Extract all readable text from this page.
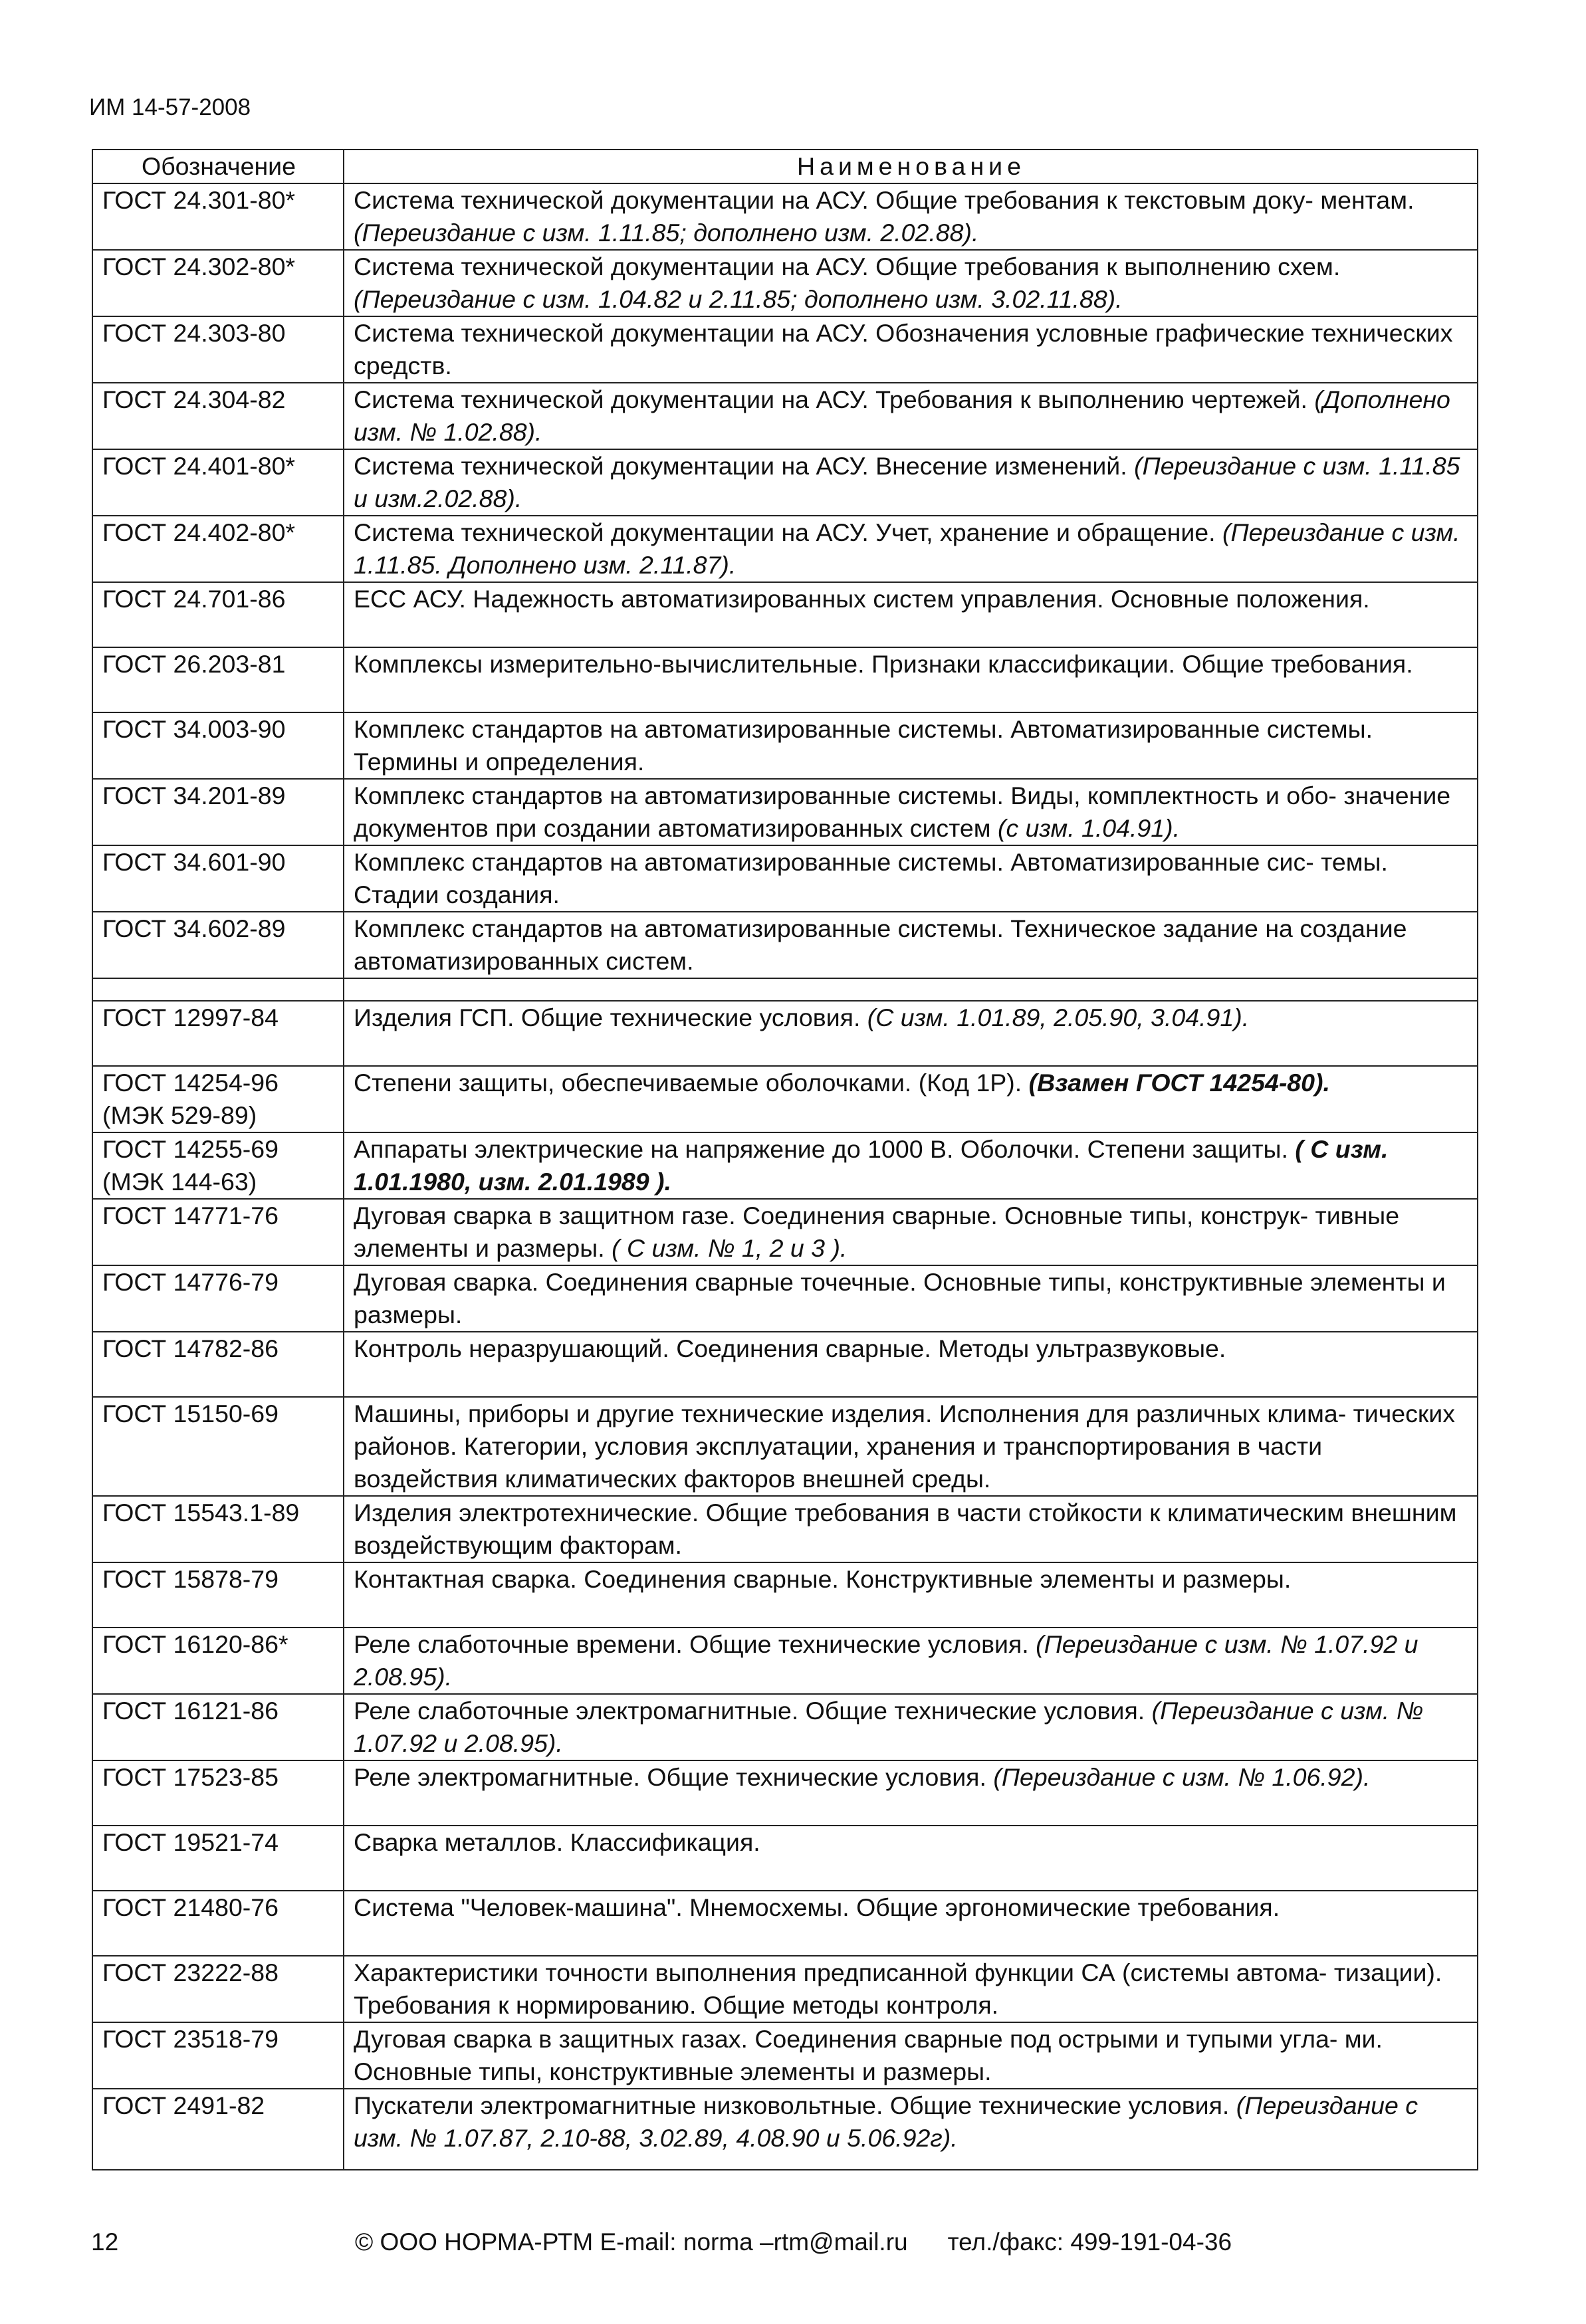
ИМ 14-57-2008
Обозначение	Наименование
ГОСТ 24.301-80*	Система технической документации на АСУ. Общие требования к текстовым доку- ментам. (Переиздание с изм. 1.11.85; дополнено изм. 2.02.88).
ГОСТ 24.302-80*	Система технической документации на АСУ. Общие требования к выполнению схем. (Переиздание с изм. 1.04.82 и 2.11.85; дополнено изм. 3.02.11.88).
ГОСТ 24.303-80	Система технической документации на АСУ. Обозначения условные графические технических средств.
ГОСТ 24.304-82	Система технической документации на АСУ. Требования к выполнению чертежей. (Дополнено изм. № 1.02.88).
ГОСТ 24.401-80*	Система технической документации на АСУ. Внесение изменений. (Переиздание с изм. 1.11.85 и изм.2.02.88).
ГОСТ 24.402-80*	Система технической документации на АСУ. Учет, хранение и обращение. (Переиздание с изм. 1.11.85. Дополнено изм. 2.11.87).
ГОСТ 24.701-86	ЕСС АСУ. Надежность автоматизированных систем управления. Основные положения.
ГОСТ 26.203-81	Комплексы измерительно-вычислительные. Признаки классификации. Общие требования.
ГОСТ 34.003-90	Комплекс стандартов на автоматизированные системы. Автоматизированные системы. Термины и определения.
ГОСТ 34.201-89	Комплекс стандартов на автоматизированные системы. Виды, комплектность и обо- значение документов при создании автоматизированных систем (с изм. 1.04.91).
ГОСТ 34.601-90	Комплекс стандартов на автоматизированные системы. Автоматизированные сис- темы. Стадии создания.
ГОСТ 34.602-89	Комплекс стандартов на автоматизированные системы. Техническое задание на создание автоматизированных систем.

ГОСТ 12997-84	Изделия ГСП. Общие технические условия. (С изм. 1.01.89, 2.05.90, 3.04.91).
ГОСТ 14254-96 (МЭК 529-89)	Степени защиты, обеспечиваемые оболочками. (Код 1Р). (Взамен ГОСТ 14254-80).
ГОСТ 14255-69 (МЭК 144-63)	Аппараты электрические на напряжение до 1000 В. Оболочки. Степени защиты. ( С изм. 1.01.1980, изм. 2.01.1989 ).
ГОСТ 14771-76	Дуговая сварка в защитном газе. Соединения сварные. Основные типы, конструк- тивные элементы и размеры. ( С изм. № 1, 2 и 3 ).
ГОСТ 14776-79	Дуговая сварка. Соединения сварные точечные. Основные типы, конструктивные элементы и размеры.
ГОСТ 14782-86	Контроль неразрушающий. Соединения сварные. Методы ультразвуковые.
ГОСТ 15150-69	Машины, приборы и другие технические изделия. Исполнения для различных клима- тических районов. Категории, условия эксплуатации, хранения и транспортирования в части воздействия климатических факторов внешней среды.
ГОСТ 15543.1-89	Изделия электротехнические. Общие требования в части стойкости к климатическим внешним воздействующим факторам.
ГОСТ 15878-79	Контактная сварка. Соединения сварные. Конструктивные элементы и размеры.
ГОСТ 16120-86*	Реле слаботочные времени. Общие технические условия. (Переиздание с изм. № 1.07.92 и 2.08.95).
ГОСТ 16121-86	Реле слаботочные электромагнитные. Общие технические условия. (Переиздание с изм. № 1.07.92 и 2.08.95).
ГОСТ 17523-85	Реле электромагнитные. Общие технические условия. (Переиздание с изм. № 1.06.92).
ГОСТ 19521-74	Сварка металлов. Классификация.
ГОСТ 21480-76	Система "Человек-машина". Мнемосхемы. Общие эргономические требования.
ГОСТ 23222-88	Характеристики точности выполнения предписанной функции СА (системы автома- тизации). Требования к нормированию. Общие методы контроля.
ГОСТ 23518-79	Дуговая сварка в защитных газах. Соединения сварные под острыми и тупыми угла- ми. Основные типы, конструктивные элементы и размеры.
ГОСТ 2491-82	Пускатели электромагнитные низковольтные. Общие технические условия. (Переиздание с изм. № 1.07.87, 2.10-88, 3.02.89, 4.08.90 и 5.06.92г).
12	© ООО НОРМА-РТМ E-mail: norma –rtm@mail.ru тел./факс: 499-191-04-36
